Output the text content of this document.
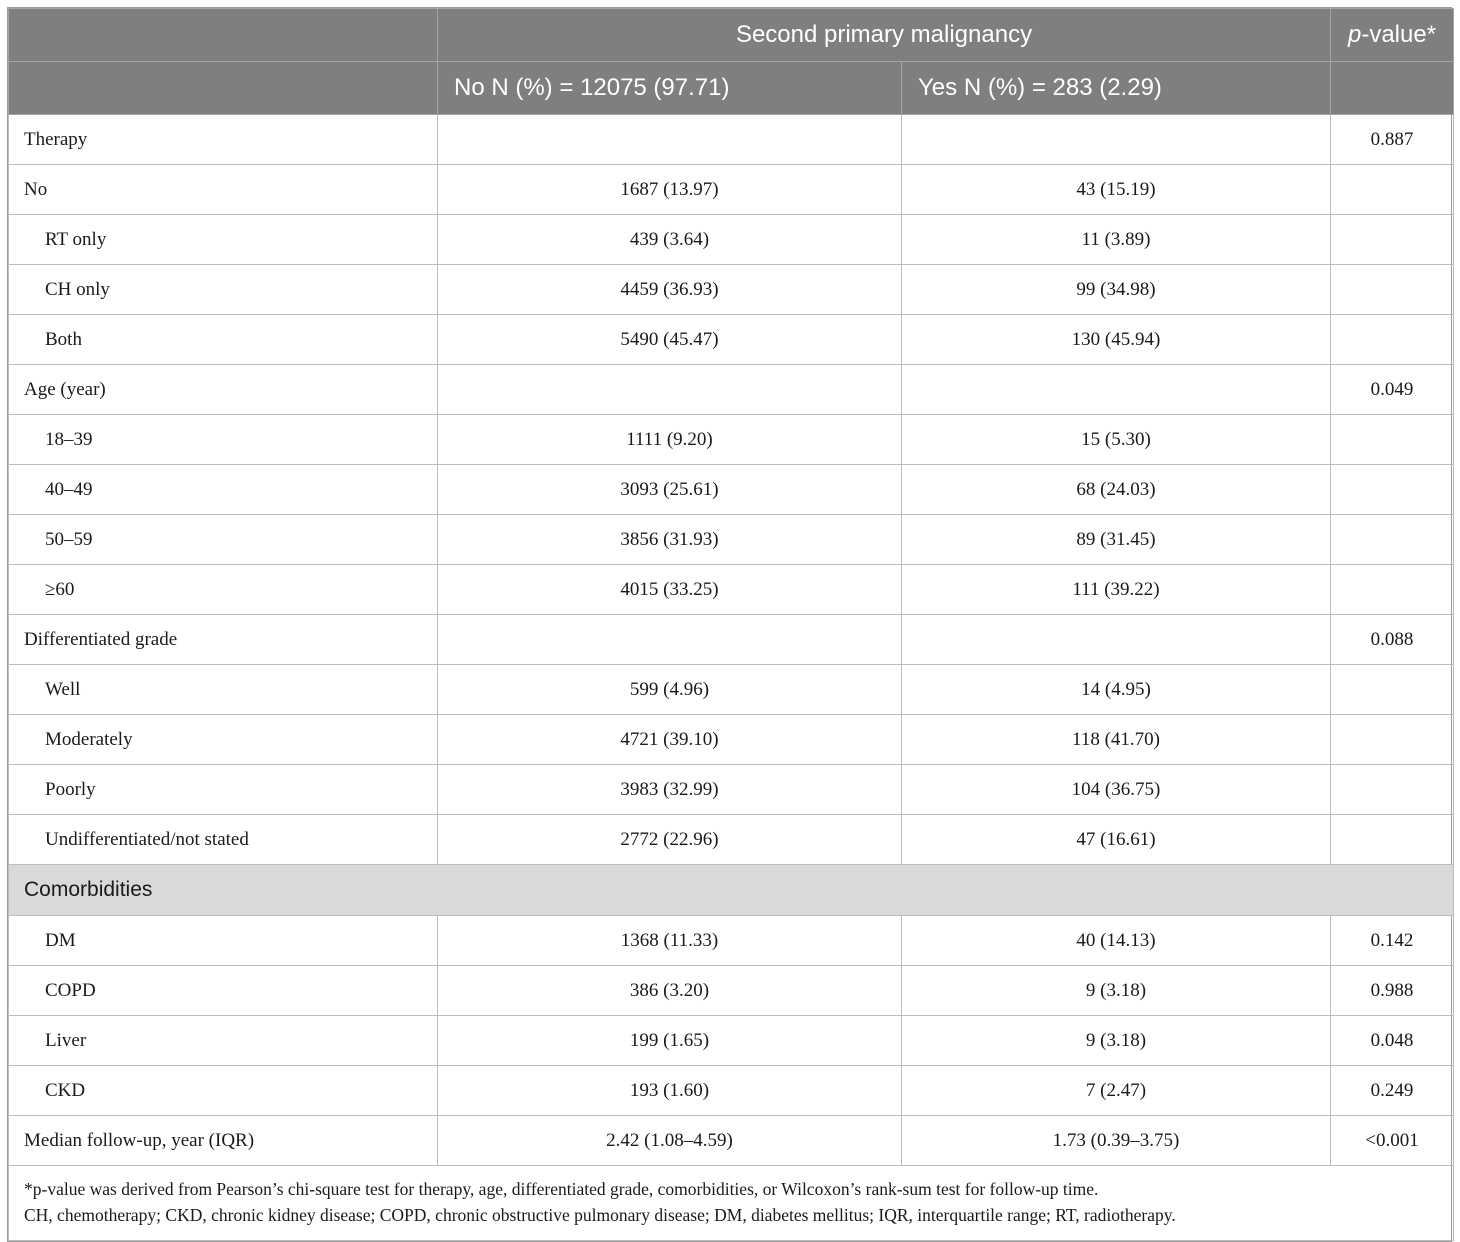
	Second primary malignancy		p-value*
	No N (%) = 12075 (97.71)	Yes N (%) = 283 (2.29)	
Therapy			0.887
No	1687 (13.97)	43 (15.19)	
RT only	439 (3.64)	11 (3.89)	
CH only	4459 (36.93)	99 (34.98)	
Both	5490 (45.47)	130 (45.94)	
Age (year)			0.049
18–39	1111 (9.20)	15 (5.30)	
40–49	3093 (25.61)	68 (24.03)	
50–59	3856 (31.93)	89 (31.45)	
≥60	4015 (33.25)	111 (39.22)	
Differentiated grade			0.088
Well	599 (4.96)	14 (4.95)	
Moderately	4721 (39.10)	118 (41.70)	
Poorly	3983 (32.99)	104 (36.75)	
Undifferentiated/not stated	2772 (22.96)	47 (16.61)	
Comorbidities			
DM	1368 (11.33)	40 (14.13)	0.142
COPD	386 (3.20)	9 (3.18)	0.988
Liver	199 (1.65)	9 (3.18)	0.048
CKD	193 (1.60)	7 (2.47)	0.249
Median follow-up, year (IQR)	2.42 (1.08–4.59)	1.73 (0.39–3.75)	<0.001

*p-value was derived from Pearson’s chi-square test for therapy, age, differentiated grade, comorbidities, or Wilcoxon’s rank-sum test for follow-up time.
CH, chemotherapy; CKD, chronic kidney disease; COPD, chronic obstructive pulmonary disease; DM, diabetes mellitus; IQR, interquartile range; RT, radiotherapy.			
